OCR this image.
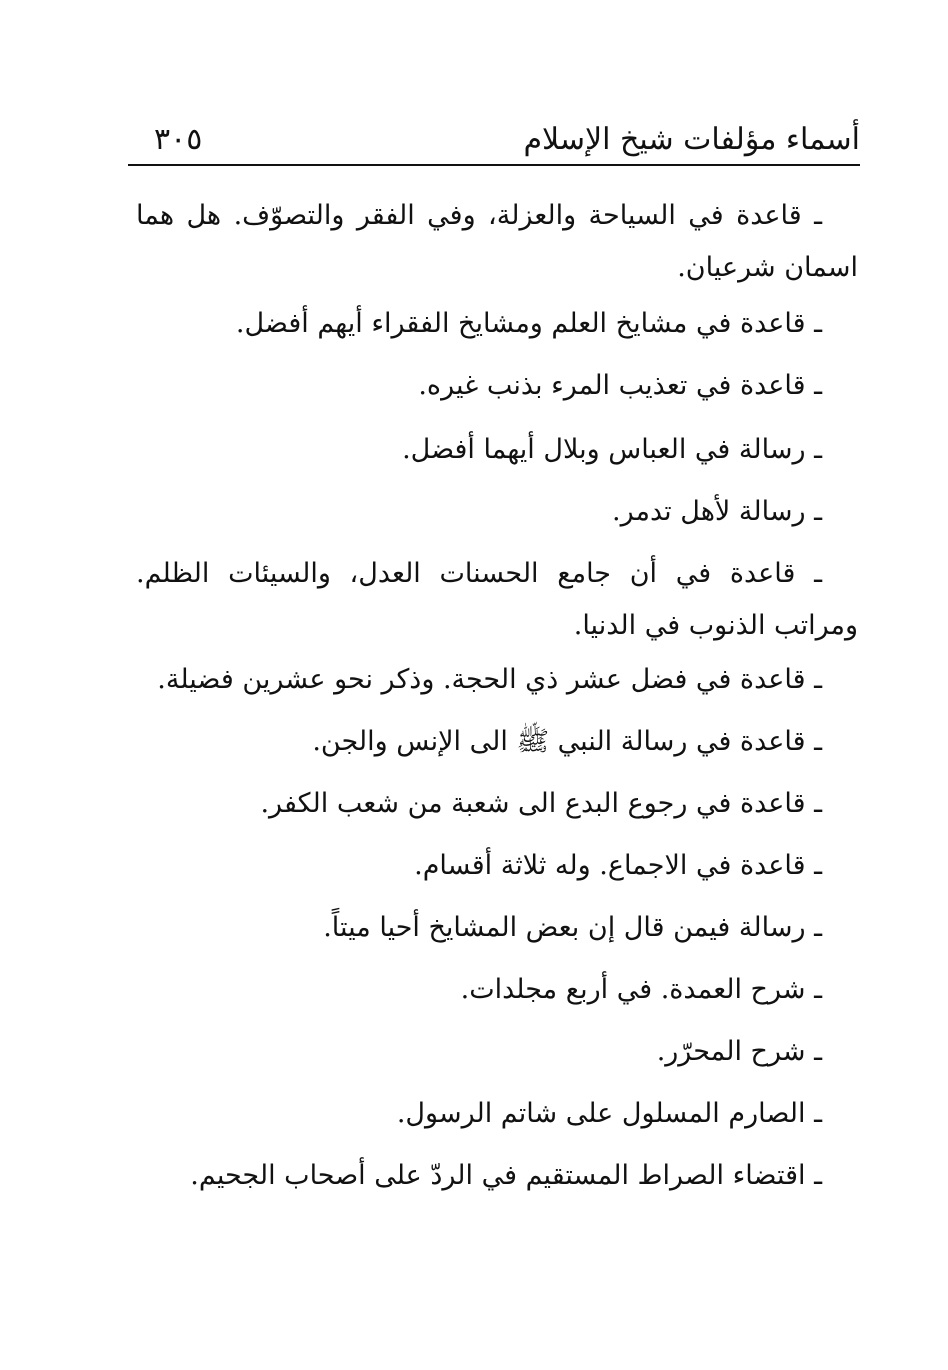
أسماء مؤلفات شيخ الإسلام
٣٠٥
ـ قاعدة في السياحة والعزلة، وفي الفقر والتصوّف. هل هما اسمان شرعيان.
ـ قاعدة في مشايخ العلم ومشايخ الفقراء أيهم أفضل.
ـ قاعدة في تعذيب المرء بذنب غيره.
ـ رسالة في العباس وبلال أيهما أفضل.
ـ رسالة لأهل تدمر.
ـ قاعدة في أن جامع الحسنات العدل، والسيئات الظلم. ومراتب الذنوب في الدنيا.
ـ قاعدة في فضل عشر ذي الحجة. وذكر نحو عشرين فضيلة.
ـ قاعدة في رسالة النبي ﷺ الى الإنس والجن.
ـ قاعدة في رجوع البدع الى شعبة من شعب الكفر.
ـ قاعدة في الاجماع. وله ثلاثة أقسام.
ـ رسالة فيمن قال إن بعض المشايخ أحيا ميتاً.
ـ شرح العمدة. في أربع مجلدات.
ـ شرح المحرّر.
ـ الصارم المسلول على شاتم الرسول.
ـ اقتضاء الصراط المستقيم في الردّ على أصحاب الجحيم.
